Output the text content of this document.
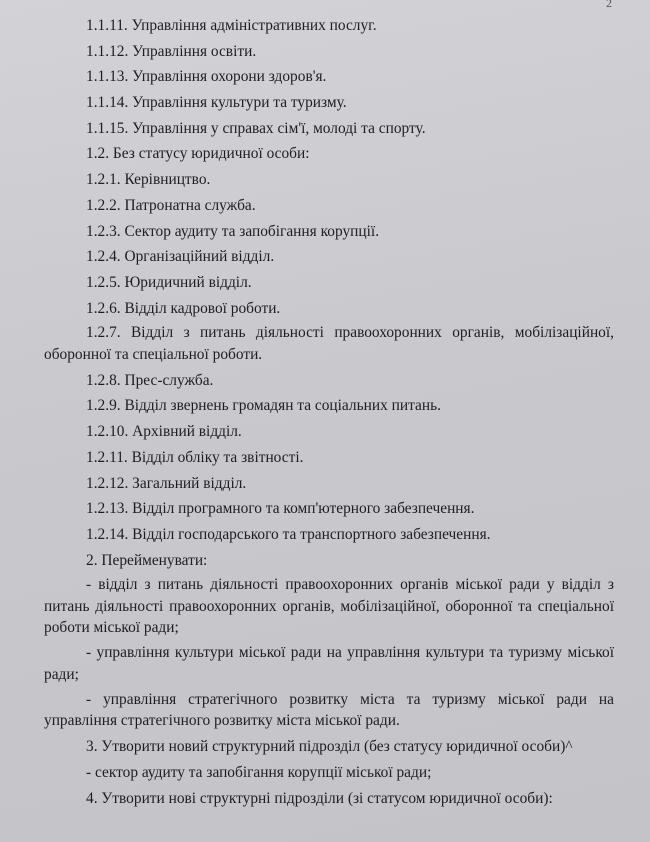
2
1.1.11. Управління адміністративних послуг.
1.1.12. Управління освіти.
1.1.13. Управління охорони здоров'я.
1.1.14. Управління культури та туризму.
1.1.15. Управління у справах сім'ї, молоді та спорту.
1.2. Без статусу юридичної особи:
1.2.1. Керівництво.
1.2.2. Патронатна служба.
1.2.3. Сектор аудиту та запобігання корупції.
1.2.4. Організаційний відділ.
1.2.5. Юридичний відділ.
1.2.6. Відділ кадрової роботи.
1.2.7. Відділ з питань діяльності правоохоронних органів, мобілізаційної, оборонної та спеціальної роботи.
1.2.8. Прес-служба.
1.2.9. Відділ звернень громадян та соціальних питань.
1.2.10. Архівний відділ.
1.2.11. Відділ обліку та звітності.
1.2.12. Загальний відділ.
1.2.13. Відділ програмного та комп'ютерного забезпечення.
1.2.14. Відділ господарського та транспортного забезпечення.
2. Перейменувати:
- відділ з питань діяльності правоохоронних органів міської ради у відділ з питань діяльності правоохоронних органів, мобілізаційної, оборонної та спеціальної роботи міської ради;
- управління культури міської ради на управління культури та туризму міської ради;
- управління стратегічного розвитку міста та туризму міської ради на управління стратегічного розвитку міста міської ради.
3. Утворити новий структурний підрозділ (без статусу юридичної особи)^
- сектор аудиту та запобігання корупції міської ради;
4. Утворити нові структурні підрозділи (зі статусом юридичної особи):
